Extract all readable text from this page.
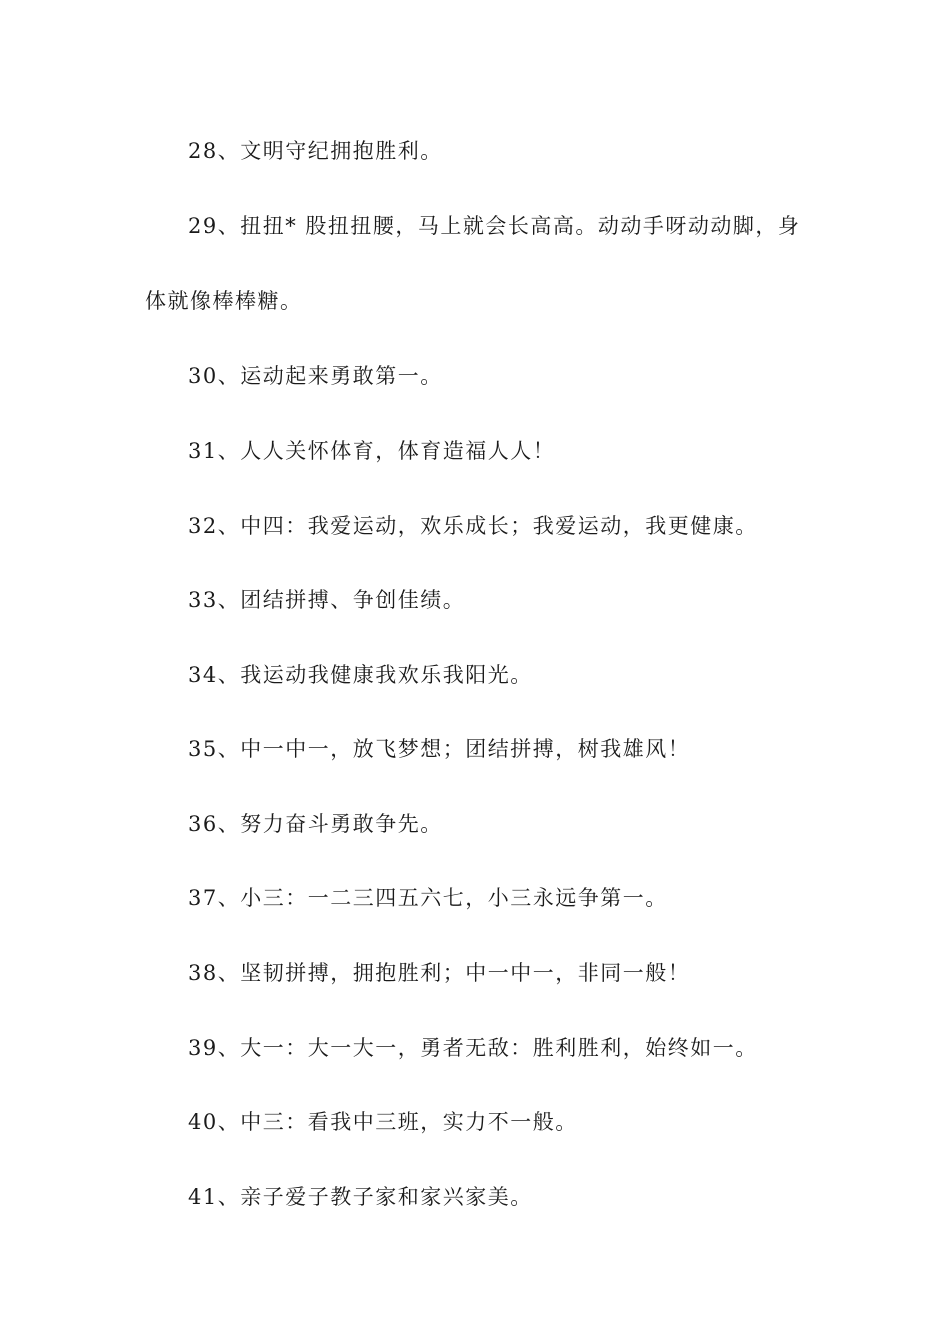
28、文明守纪拥抱胜利。
29、扭扭* 股扭扭腰，马上就会长高高。动动手呀动动脚，身
体就像棒棒糖。
30、运动起来勇敢第一。
31、人人关怀体育，体育造福人人！
32、中四：我爱运动，欢乐成长；我爱运动，我更健康。
33、团结拼搏、争创佳绩。
34、我运动我健康我欢乐我阳光。
35、中一中一，放飞梦想；团结拼搏，树我雄风！
36、努力奋斗勇敢争先。
37、小三：一二三四五六七，小三永远争第一。
38、坚韧拼搏，拥抱胜利；中一中一，非同一般！
39、大一：大一大一，勇者无敌：胜利胜利，始终如一。
40、中三：看我中三班，实力不一般。
41、亲子爱子教子家和家兴家美。
